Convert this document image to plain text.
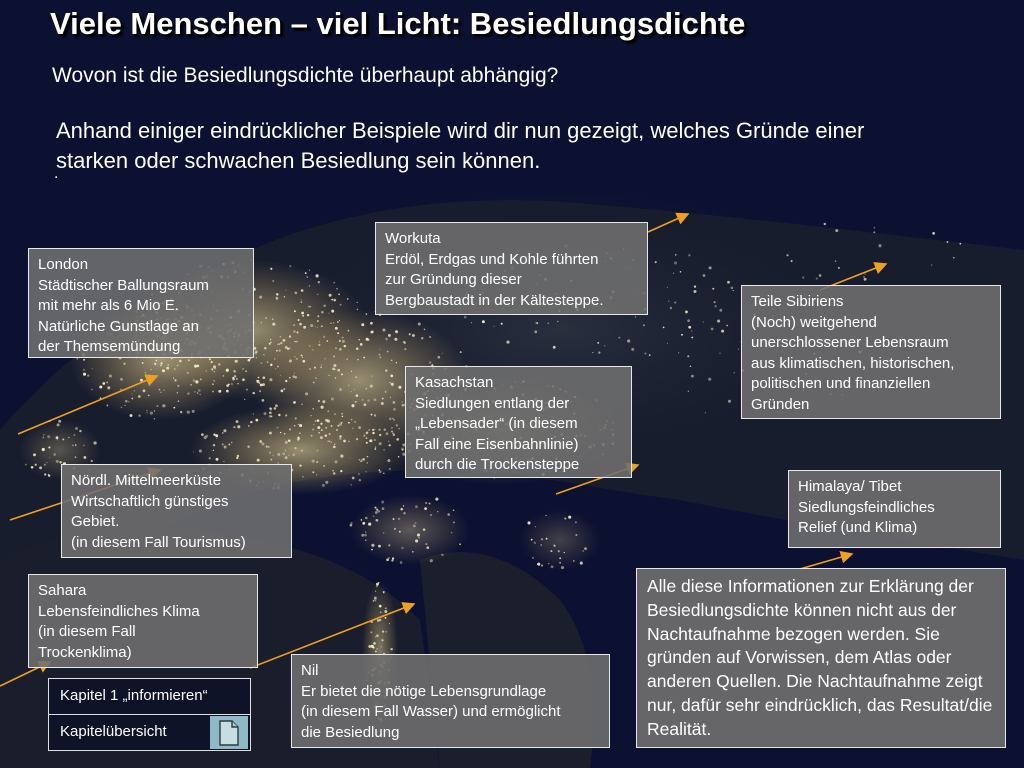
Viele Menschen – viel Licht: Besiedlungsdichte
Wovon ist die Besiedlungsdichte überhaupt abhängig?
Anhand einiger eindrücklicher Beispiele wird dir nun gezeigt, welches Gründe einer
starken oder schwachen Besiedlung sein können.
.
London
Städtischer Ballungsraum
mit mehr als 6 Mio E.
Natürliche Gunstlage an
der Themsemündung
Workuta
Erdöl, Erdgas und Kohle führten
zur Gründung dieser
Bergbaustadt in der Kältesteppe.	Teile Sibiriens
(Noch) weitgehend
unerschlossener Lebensraum
aus klimatischen, historischen,
politischen und finanziellen
Gründen
Kasachstan
Siedlungen entlang der
„Lebensader“ (in diesem
Fall eine Eisenbahnlinie)
durch die Trockensteppe
Nördl. Mittelmeerküste
Wirtschaftlich günstiges
Gebiet.
(in diesem Fall Tourismus)
Himalaya/ Tibet
Siedlungsfeindliches
Relief (und Klima)
Sahara
Lebensfeindliches Klima
(in diesem Fall
Trockenklima)
Nil
Er bietet die nötige Lebensgrundlage
(in diesem Fall Wasser) und ermöglicht
die Besiedlung
Alle diese Informationen zur Erklärung der Besiedlungsdichte können nicht aus der Nachtaufnahme bezogen werden. Sie gründen auf Vorwissen, dem Atlas oder anderen Quellen. Die Nachtaufnahme zeigt nur, dafür sehr eindrücklich, das Resultat/die Realität.
Kapitel 1 „informieren“
Kapitelübersicht
